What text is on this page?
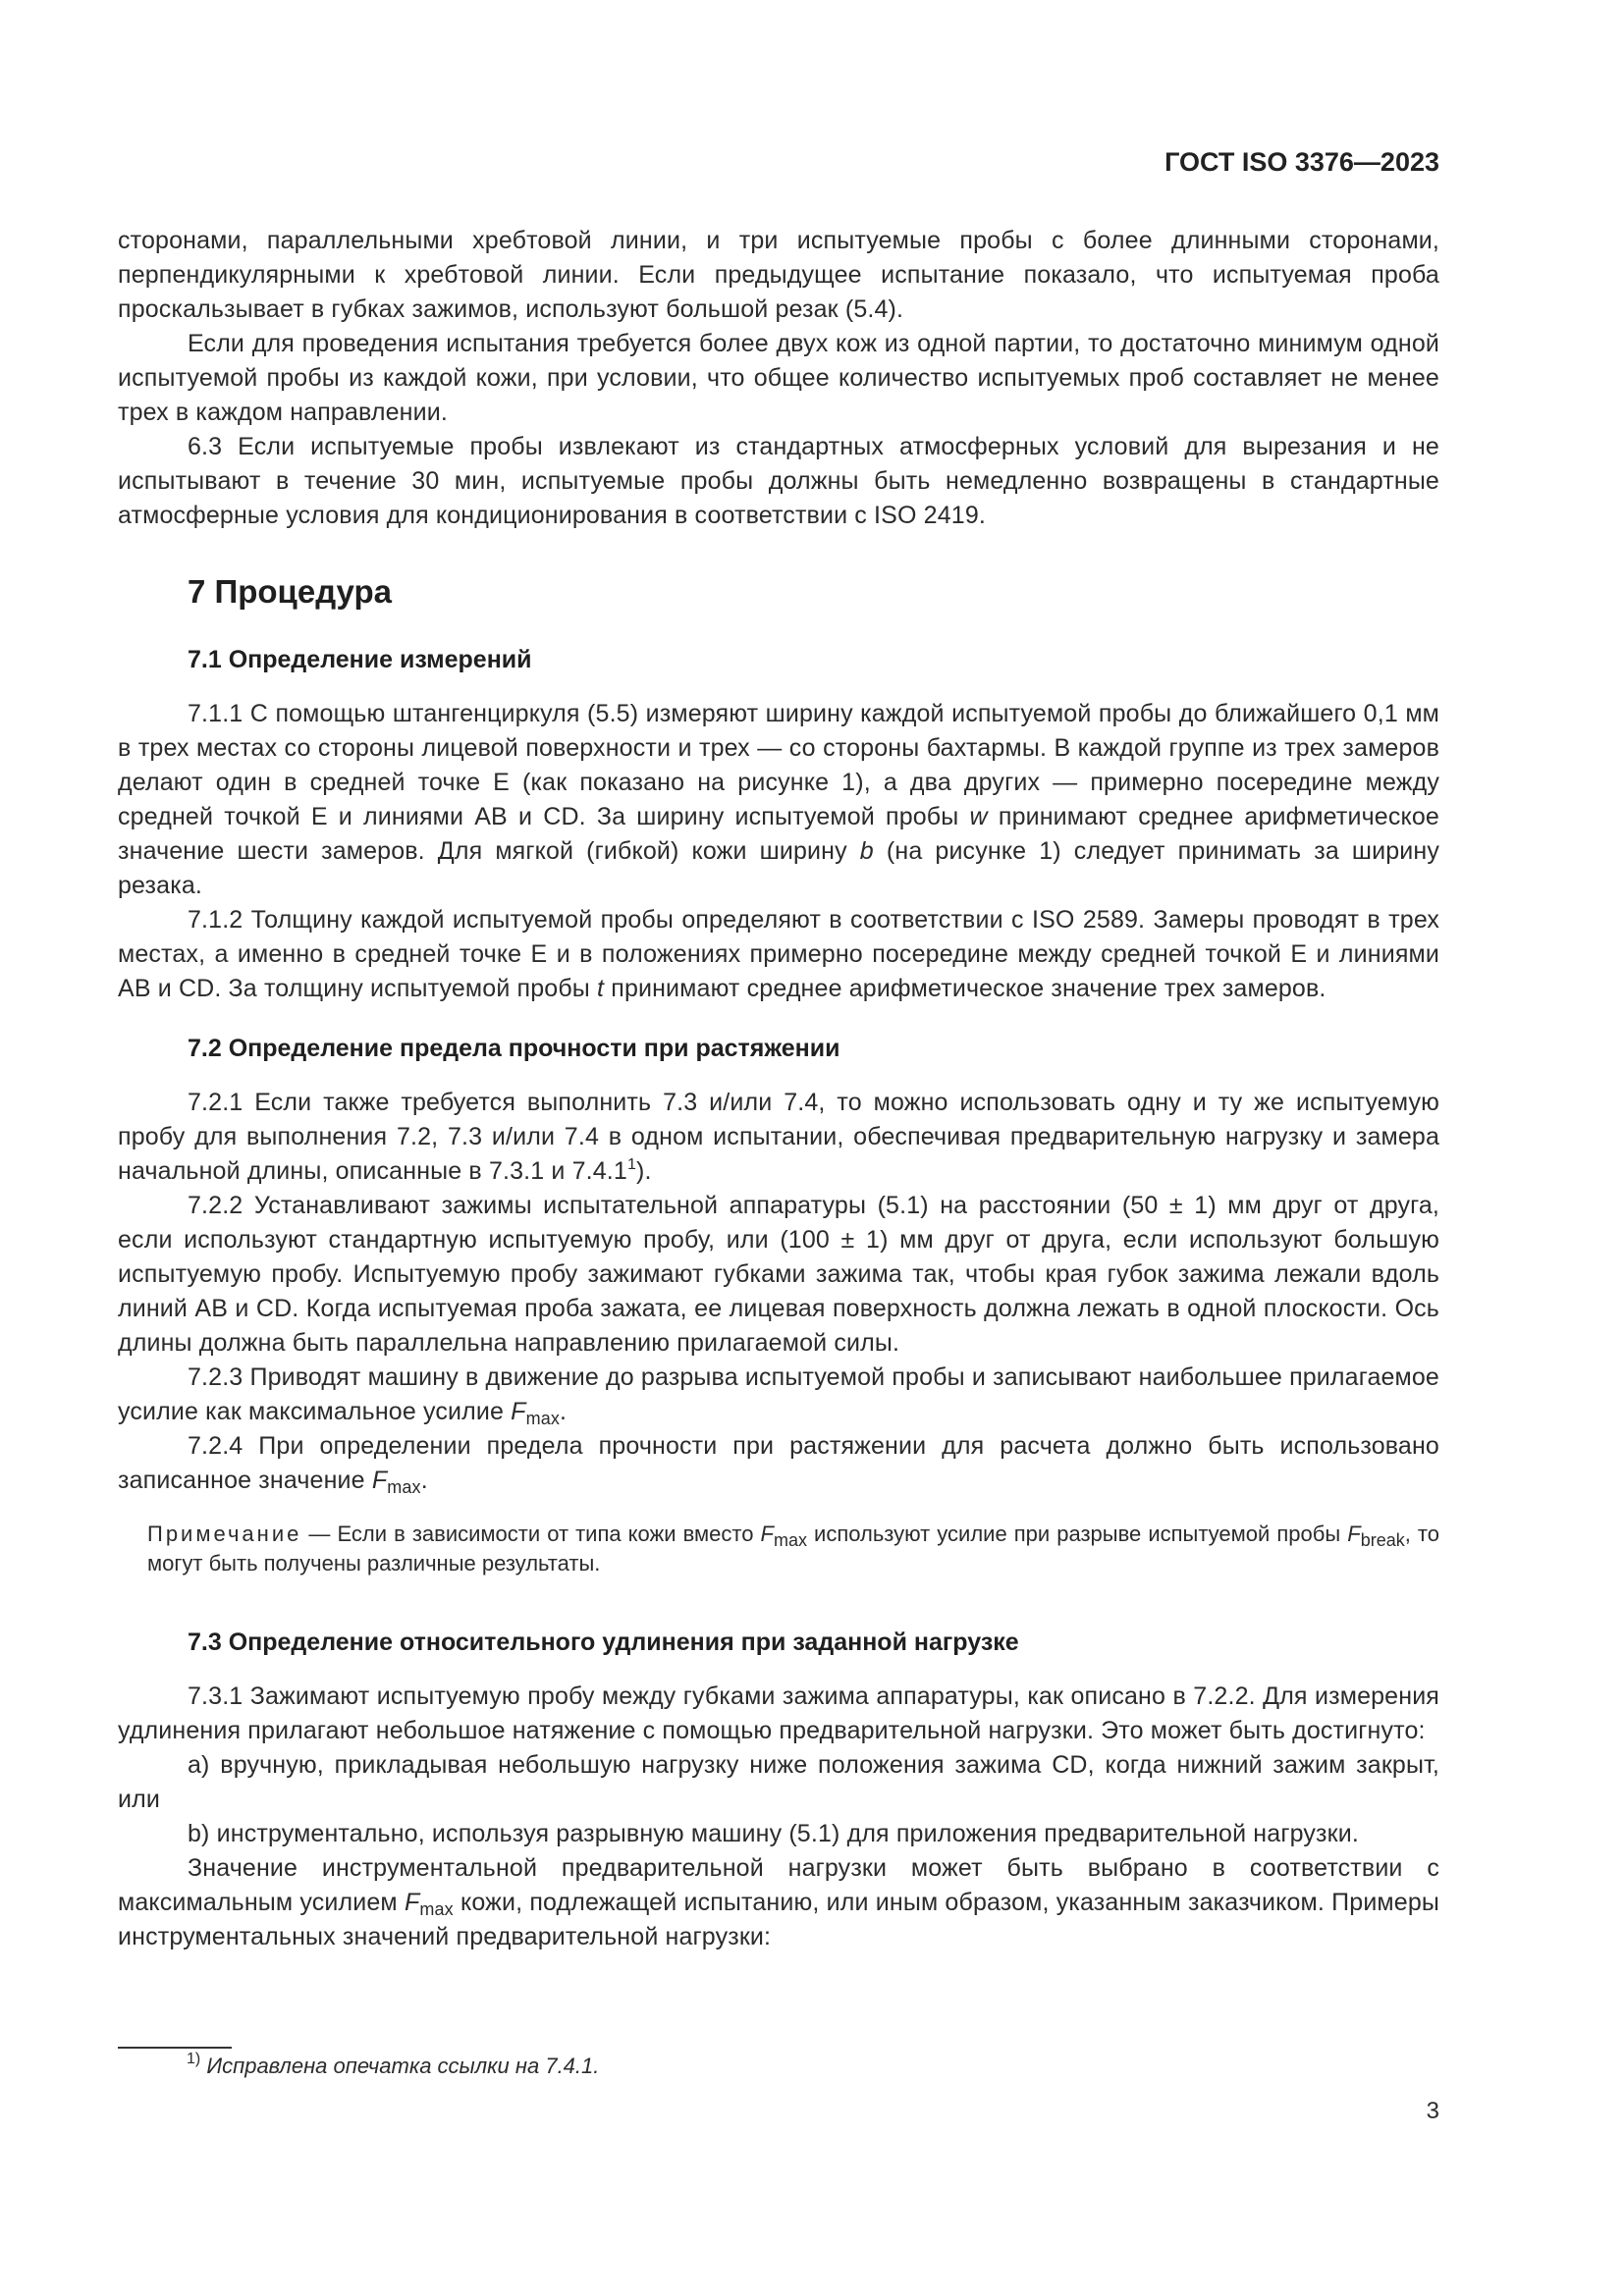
ГОСТ ISO 3376—2023

сторонами, параллельными хребтовой линии, и три испытуемые пробы с более длинными сторонами, перпендикулярными к хребтовой линии. Если предыдущее испытание показало, что испытуемая проба проскальзывает в губках зажимов, используют большой резак (5.4).

Если для проведения испытания требуется более двух кож из одной партии, то достаточно минимум одной испытуемой пробы из каждой кожи, при условии, что общее количество испытуемых проб составляет не менее трех в каждом направлении.

6.3 Если испытуемые пробы извлекают из стандартных атмосферных условий для вырезания и не испытывают в течение 30 мин, испытуемые пробы должны быть немедленно возвращены в стандартные атмосферные условия для кондиционирования в соответствии с ISO 2419.

7 Процедура
7.1 Определение измерений

7.1.1 С помощью штангенциркуля (5.5) измеряют ширину каждой испытуемой пробы до ближайшего 0,1 мм в трех местах со стороны лицевой поверхности и трех — со стороны бахтармы. В каждой группе из трех замеров делают один в средней точке Е (как показано на рисунке 1), а два других — примерно посередине между средней точкой Е и линиями АВ и CD. За ширину испытуемой пробы w принимают среднее арифметическое значение шести замеров. Для мягкой (гибкой) кожи ширину b (на рисунке 1) следует принимать за ширину резака.

7.1.2 Толщину каждой испытуемой пробы определяют в соответствии с ISO 2589. Замеры проводят в трех местах, а именно в средней точке Е и в положениях примерно посередине между средней точкой Е и линиями АВ и CD. За толщину испытуемой пробы t принимают среднее арифметическое значение трех замеров.

7.2 Определение предела прочности при растяжении

7.2.1 Если также требуется выполнить 7.3 и/или 7.4, то можно использовать одну и ту же испытуемую пробу для выполнения 7.2, 7.3 и/или 7.4 в одном испытании, обеспечивая предварительную нагрузку и замера начальной длины, описанные в 7.3.1 и 7.4.1$^1$).

7.2.2 Устанавливают зажимы испытательной аппаратуры (5.1) на расстоянии (50 ± 1) мм друг от друга, если используют стандартную испытуемую пробу, или (100 ± 1) мм друг от друга, если используют большую испытуемую пробу. Испытуемую пробу зажимают губками зажима так, чтобы края губок зажима лежали вдоль линий АВ и CD. Когда испытуемая проба зажата, ее лицевая поверхность должна лежать в одной плоскости. Ось длины должна быть параллельна направлению прилагаемой силы.

7.2.3 Приводят машину в движение до разрыва испытуемой пробы и записывают наибольшее прилагаемое усилие как максимальное усилие $F_{max}$.

7.2.4 При определении предела прочности при растяжении для расчета должно быть использовано записанное значение $F_{max}$.

Примечание — Если в зависимости от типа кожи вместо $F_{max}$ используют усилие при разрыве испытуемой пробы $F_{break}$, то могут быть получены различные результаты.
7.3 Определение относительного удлинения при заданной нагрузке

7.3.1 Зажимают испытуемую пробу между губками зажима аппаратуры, как описано в 7.2.2. Для измерения удлинения прилагают небольшое натяжение с помощью предварительной нагрузки. Это может быть достигнуто:

a) вручную, прикладывая небольшую нагрузку ниже положения зажима CD, когда нижний зажим закрыт, или

b) инструментально, используя разрывную машину (5.1) для приложения предварительной нагрузки.

Значение инструментальной предварительной нагрузки может быть выбрано в соответствии с максимальным усилием $F_{max}$ кожи, подлежащей испытанию, или иным образом, указанным заказчиком. Примеры инструментальных значений предварительной нагрузки:

$^{1)}$ Исправлена опечатка ссылки на 7.4.1.
3
